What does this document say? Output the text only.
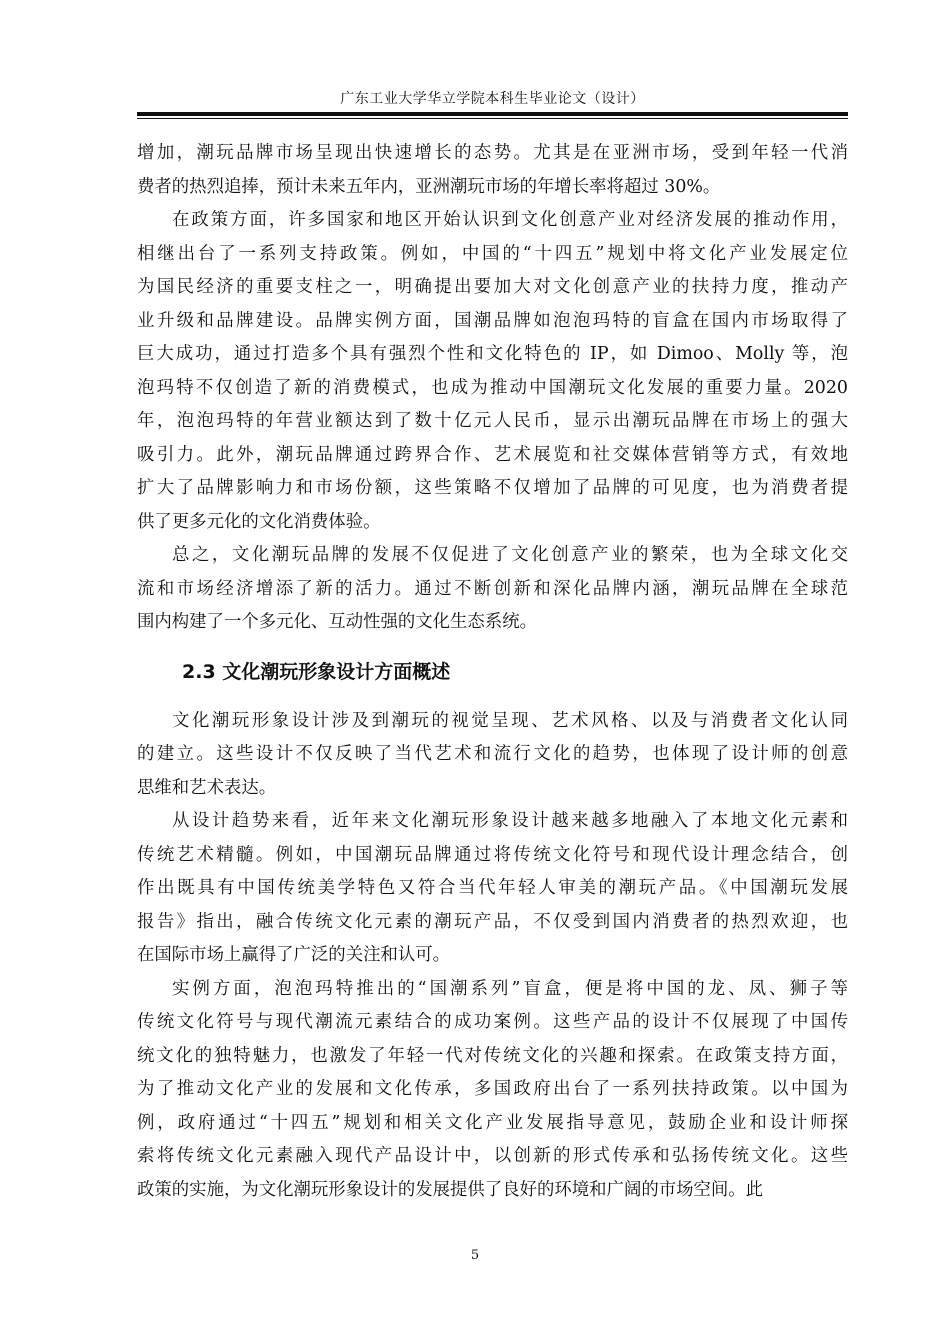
广东工业大学华立学院本科生毕业论文（设计）
增加，潮玩品牌市场呈现出快速增长的态势。尤其是在亚洲市场，受到年轻一代消
费者的热烈追捧，预计未来五年内，亚洲潮玩市场的年增长率将超过 30%。
在政策方面，许多国家和地区开始认识到文化创意产业对经济发展的推动作用，
相继出台了一系列支持政策。例如，中国的“十四五”规划中将文化产业发展定位
为国民经济的重要支柱之一，明确提出要加大对文化创意产业的扶持力度，推动产
业升级和品牌建设。品牌实例方面，国潮品牌如泡泡玛特的盲盒在国内市场取得了
巨大成功，通过打造多个具有强烈个性和文化特色的 IP，如 Dimoo、Molly 等，泡
泡玛特不仅创造了新的消费模式，也成为推动中国潮玩文化发展的重要力量。2020
年，泡泡玛特的年营业额达到了数十亿元人民币，显示出潮玩品牌在市场上的强大
吸引力。此外，潮玩品牌通过跨界合作、艺术展览和社交媒体营销等方式，有效地
扩大了品牌影响力和市场份额，这些策略不仅增加了品牌的可见度，也为消费者提
供了更多元化的文化消费体验。
总之，文化潮玩品牌的发展不仅促进了文化创意产业的繁荣，也为全球文化交
流和市场经济增添了新的活力。通过不断创新和深化品牌内涵，潮玩品牌在全球范
围内构建了一个多元化、互动性强的文化生态系统。
2.3 文化潮玩形象设计方面概述
文化潮玩形象设计涉及到潮玩的视觉呈现、艺术风格、以及与消费者文化认同
的建立。这些设计不仅反映了当代艺术和流行文化的趋势，也体现了设计师的创意
思维和艺术表达。
从设计趋势来看，近年来文化潮玩形象设计越来越多地融入了本地文化元素和
传统艺术精髓。例如，中国潮玩品牌通过将传统文化符号和现代设计理念结合，创
作出既具有中国传统美学特色又符合当代年轻人审美的潮玩产品。《中国潮玩发展
报告》指出，融合传统文化元素的潮玩产品，不仅受到国内消费者的热烈欢迎，也
在国际市场上赢得了广泛的关注和认可。
实例方面，泡泡玛特推出的“国潮系列”盲盒，便是将中国的龙、凤、狮子等
传统文化符号与现代潮流元素结合的成功案例。这些产品的设计不仅展现了中国传
统文化的独特魅力，也激发了年轻一代对传统文化的兴趣和探索。在政策支持方面，
为了推动文化产业的发展和文化传承，多国政府出台了一系列扶持政策。以中国为
例，政府通过“十四五”规划和相关文化产业发展指导意见，鼓励企业和设计师探
索将传统文化元素融入现代产品设计中，以创新的形式传承和弘扬传统文化。这些
政策的实施，为文化潮玩形象设计的发展提供了良好的环境和广阔的市场空间。此
5
